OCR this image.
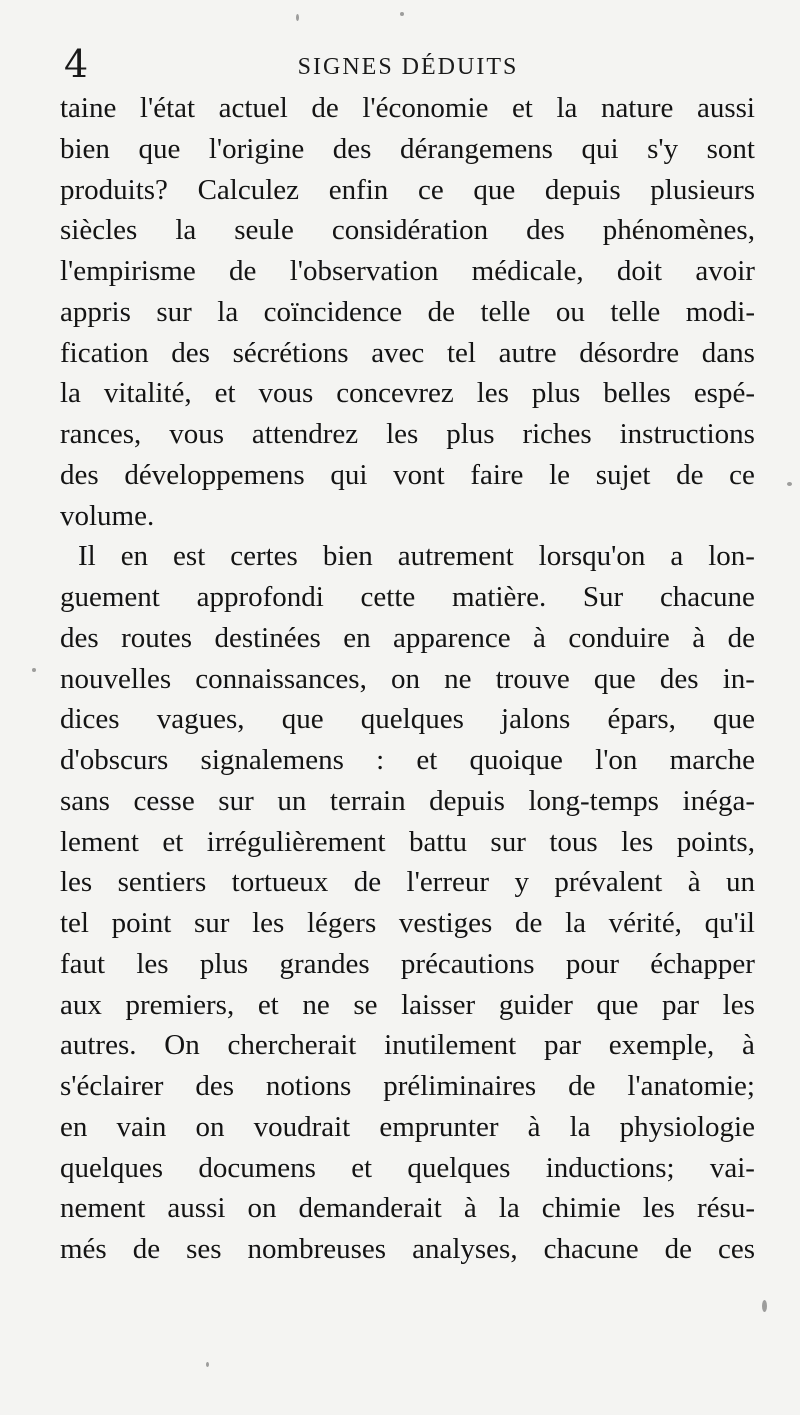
4	SIGNES DÉDUITS
taine l'état actuel de l'économie et la nature aussi
bien que l'origine des dérangemens qui s'y sont
produits? Calculez enfin ce que depuis plusieurs
siècles la seule considération des phénomènes,
l'empirisme de l'observation médicale, doit avoir
appris sur la coïncidence de telle ou telle modi-
fication des sécrétions avec tel autre désordre dans
la vitalité, et vous concevrez les plus belles espé-
rances, vous attendrez les plus riches instructions
des développemens qui vont faire le sujet de ce
volume.
Il en est certes bien autrement lorsqu'on a lon-
guement approfondi cette matière. Sur chacune
des routes destinées en apparence à conduire à de
nouvelles connaissances, on ne trouve que des in-
dices vagues, que quelques jalons épars, que
d'obscurs signalemens : et quoique l'on marche
sans cesse sur un terrain depuis long-temps inéga-
lement et irrégulièrement battu sur tous les points,
les sentiers tortueux de l'erreur y prévalent à un
tel point sur les légers vestiges de la vérité, qu'il
faut les plus grandes précautions pour échapper
aux premiers, et ne se laisser guider que par les
autres. On chercherait inutilement par exemple, à
s'éclairer des notions préliminaires de l'anatomie;
en vain on voudrait emprunter à la physiologie
quelques documens et quelques inductions; vai-
nement aussi on demanderait à la chimie les résu-
més de ses nombreuses analyses, chacune de ces
